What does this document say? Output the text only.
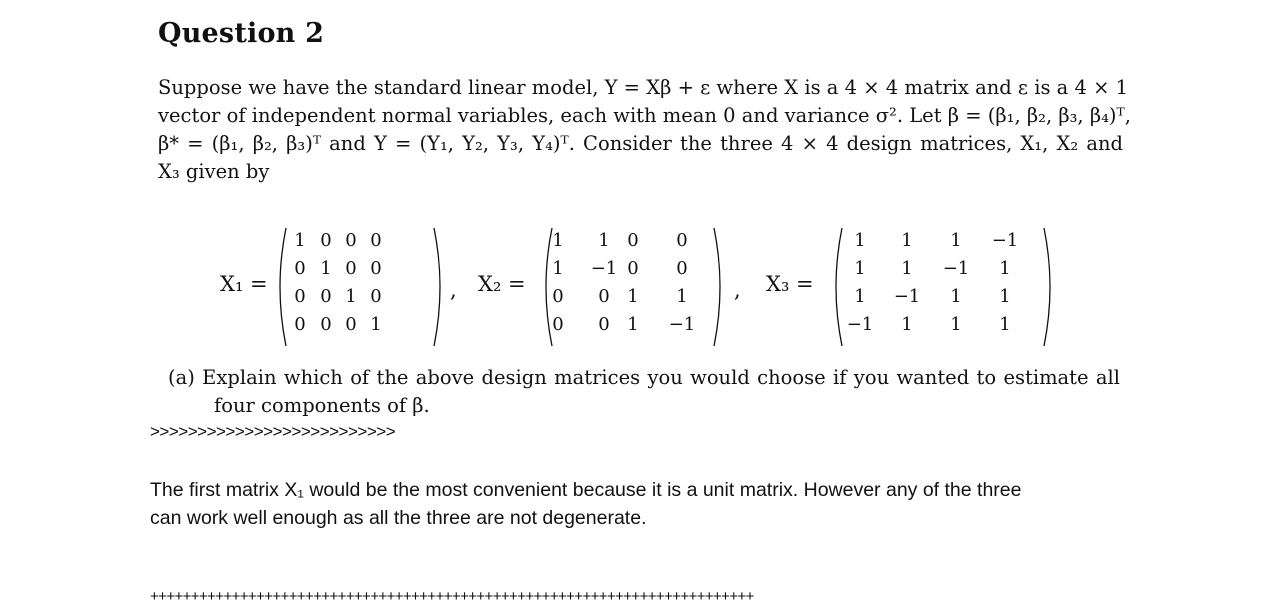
Question 2
Suppose we have the standard linear model, Y = Xβ + ε where X is a 4 × 4 matrix and ε is a 4 × 1
vector of independent normal variables, each with mean 0 and variance σ². Let β = (β₁, β₂, β₃, β₄)ᵀ,
β* = (β₁, β₂, β₃)ᵀ and Y = (Y₁, Y₂, Y₃, Y₄)ᵀ. Consider the three 4 × 4 design matrices, X₁, X₂ and
X₃ given by
X₁ =
1 0 0 0
0 1 0 0
0 0 1 0
0 0 0 1
, X₂ =
1	1 0	0
1	−1 0	0
0	0 1	1
0	0 1	−1
, X₃ =
1	1	1	−1
1	1	−1	1
1	−1	1	1
−1	1	1	1
(a) Explain which of the above design matrices you would choose if you wanted to estimate all
four components of β.
>>>>>>>>>>>>>>>>>>>>>>>>>>
The first matrix X₁ would be the most convenient because it is a unit matrix. However any of the three
can work well enough as all the three are not degenerate.
++++++++++++++++++++++++++++++++++++++++++++++++++++++++++++++++++++++++++
